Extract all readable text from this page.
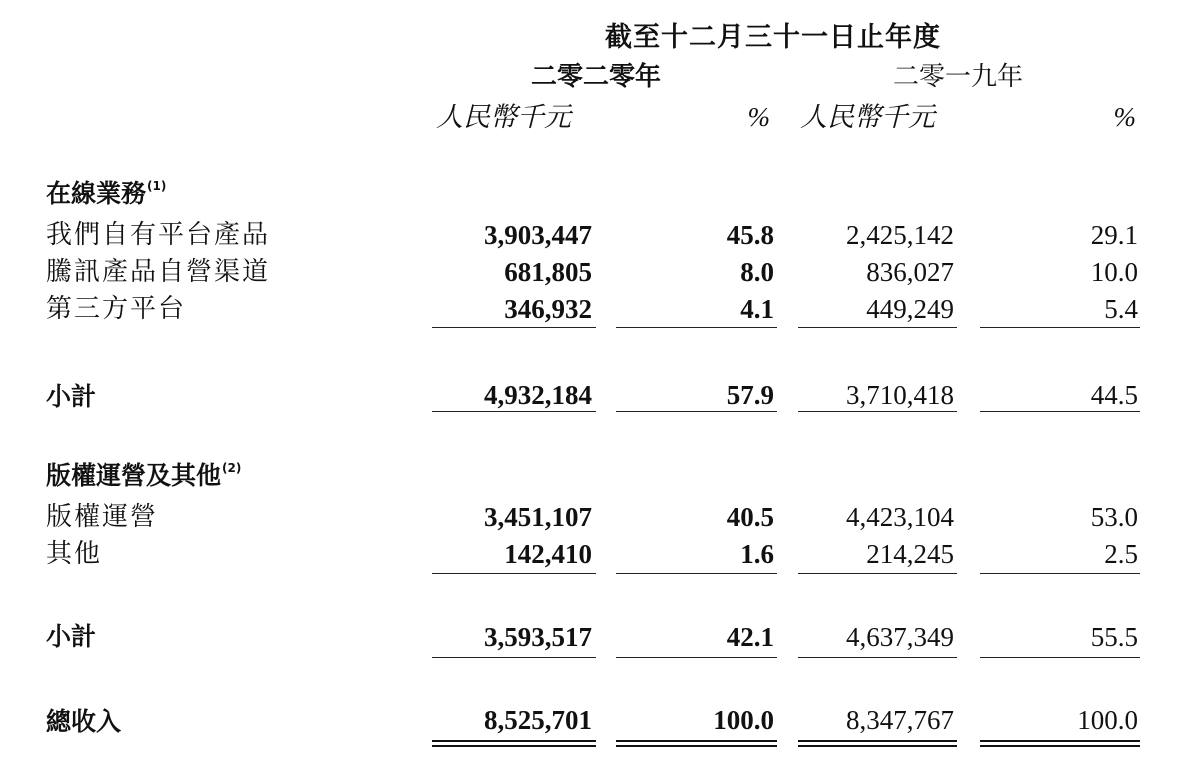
截至十二月三十一日止年度
二零二零年	二零一九年
人民幣千元	% 人民幣千元	%
在線業務$^{(1)}$
我們自有平台產品	3,903,447	45.8	2,425,142	29.1
騰訊產品自營渠道	681,805	8.0	836,027	10.0
第三方平台	346,932	4.1	449,249	5.4
小計	4,932,184	57.9	3,710,418	44.5
版權運營及其他$^{(2)}$
版權運營	3,451,107	40.5	4,423,104	53.0
其他	142,410	1.6	214,245	2.5
小計	3,593,517	42.1	4,637,349	55.5
總收入	8,525,701	100.0	8,347,767	100.0
